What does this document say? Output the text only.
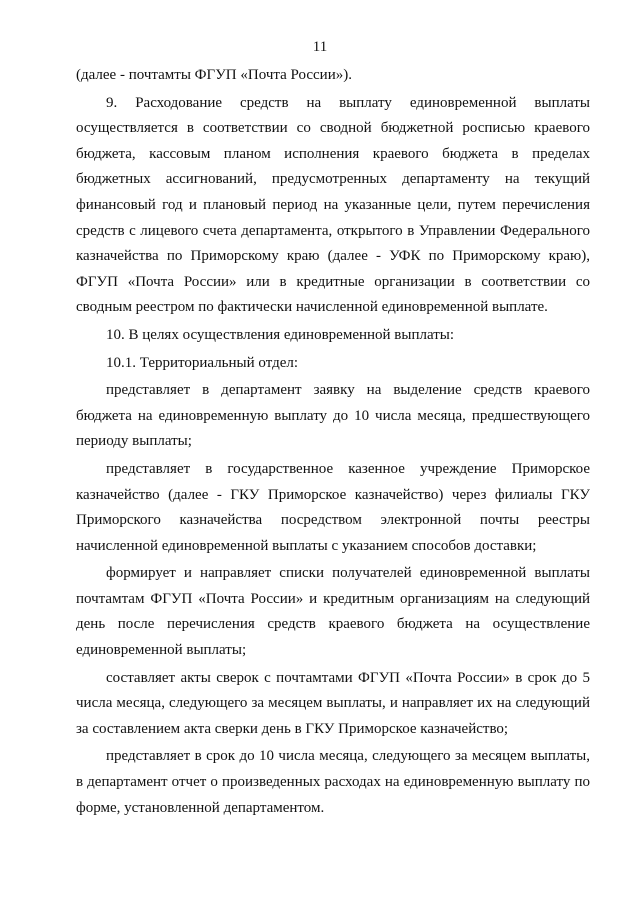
11

(далее - почтамты ФГУП «Почта России»).

9. Расходование средств на выплату единовременной выплаты осуществляется в соответствии со сводной бюджетной росписью краевого бюджета, кассовым планом исполнения краевого бюджета в пределах бюджетных ассигнований, предусмотренных департаменту на текущий финансовый год и плановый период на указанные цели, путем перечисления средств с лицевого счета департамента, открытого в Управлении Федерального казначейства по Приморскому краю (далее - УФК по Приморскому краю), ФГУП «Почта России» или в кредитные организации в соответствии со сводным реестром по фактически начисленной единовременной выплате.

10. В целях осуществления единовременной выплаты:

10.1. Территориальный отдел:

представляет в департамент заявку на выделение средств краевого бюджета на единовременную выплату до 10 числа месяца, предшествующего периоду выплаты;

представляет в государственное казенное учреждение Приморское казначейство (далее - ГКУ Приморское казначейство) через филиалы ГКУ Приморского казначейства посредством электронной почты реестры начисленной единовременной выплаты с указанием способов доставки;

формирует и направляет списки получателей единовременной выплаты почтамтам ФГУП «Почта России» и кредитным организациям на следующий день после перечисления средств краевого бюджета на осуществление единовременной выплаты;

составляет акты сверок с почтамтами ФГУП «Почта России» в срок до 5 числа месяца, следующего за месяцем выплаты, и направляет их на следующий за составлением акта сверки день в ГКУ Приморское казначейство;

представляет в срок до 10 числа месяца, следующего за месяцем выплаты, в департамент отчет о произведенных расходах на единовременную выплату по форме, установленной департаментом.
